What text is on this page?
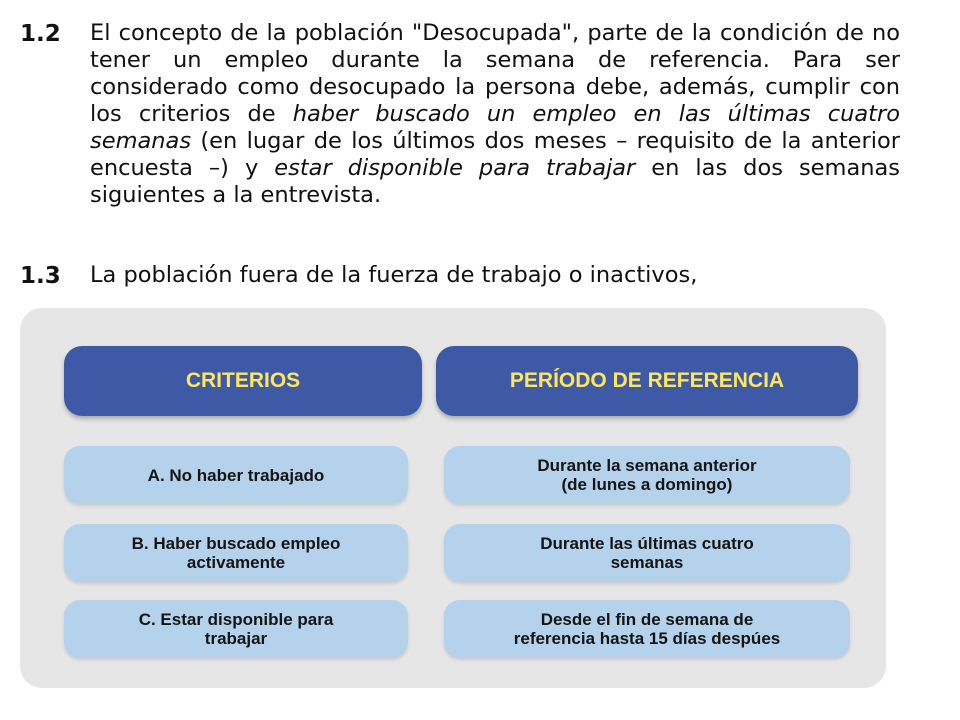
1.2 El concepto de la población "Desocupada", parte de la condición de no tener un empleo durante la semana de referencia. Para ser considerado como desocupado la persona debe, además, cumplir con los criterios de haber buscado un empleo en las últimas cuatro semanas (en lugar de los últimos dos meses – requisito de la anterior encuesta –) y estar disponible para trabajar en las dos semanas siguientes a la entrevista.
1.3 La población fuera de la fuerza de trabajo o inactivos,
CRITERIOS	PERÍODO DE REFERENCIA
A. No haber trabajado	Durante la semana anterior
(de lunes a domingo)
B. Haber buscado empleo
activamente
Durante las últimas cuatro
semanas
C. Estar disponible para
trabajar
Desde el fin de semana de
referencia hasta 15 días despúes
